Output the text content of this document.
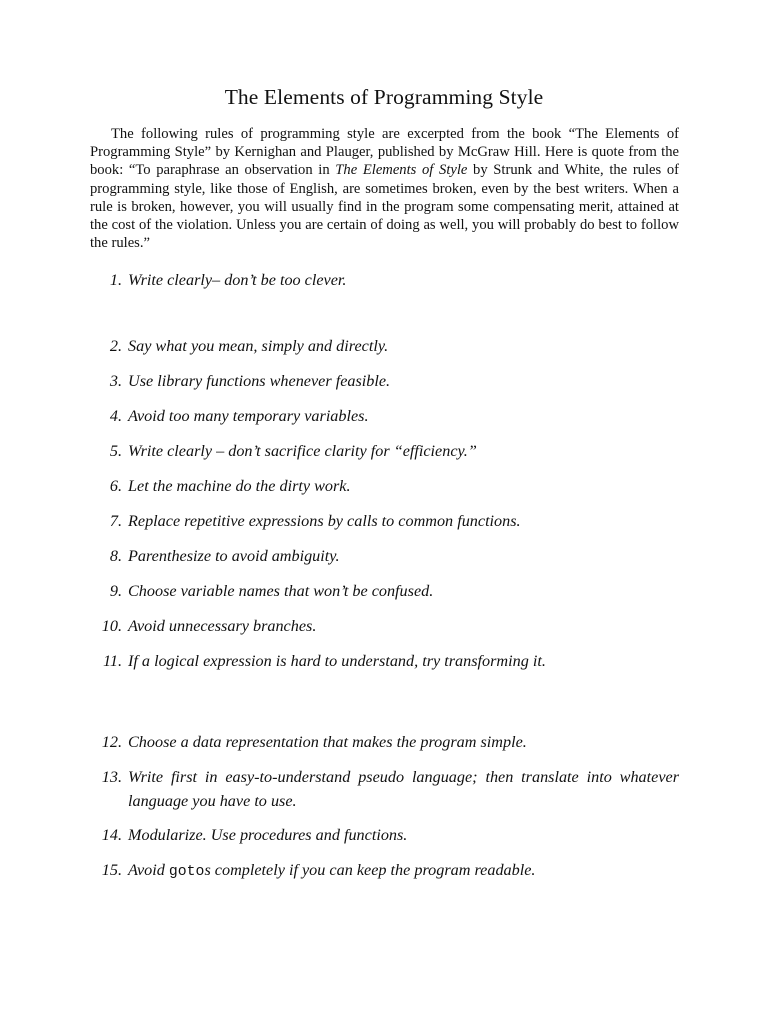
The Elements of Programming Style

The following rules of programming style are excerpted from the book “The Elements of Programming Style” by Kernighan and Plauger, published by McGraw Hill. Here is quote from the book: “To paraphrase an observation in The Elements of Style by Strunk and White, the rules of programming style, like those of English, are sometimes broken, even by the best writers. When a rule is broken, however, you will usually find in the program some compensating merit, attained at the cost of the violation. Unless you are certain of doing as well, you will probably do best to follow the rules.”

1. Write clearly– don’t be too clever.
2. Say what you mean, simply and directly.
3. Use library functions whenever feasible.
4. Avoid too many temporary variables.
5. Write clearly – don’t sacrifice clarity for “efficiency.”
6. Let the machine do the dirty work.
7. Replace repetitive expressions by calls to common functions.
8. Parenthesize to avoid ambiguity.
9. Choose variable names that won’t be confused.
10. Avoid unnecessary branches.
11. If a logical expression is hard to understand, try transforming it.
12. Choose a data representation that makes the program simple.
13. Write first in easy-to-understand pseudo language; then translate into whatever language you have to use.
14. Modularize. Use procedures and functions.
15. Avoid gotos completely if you can keep the program readable.
